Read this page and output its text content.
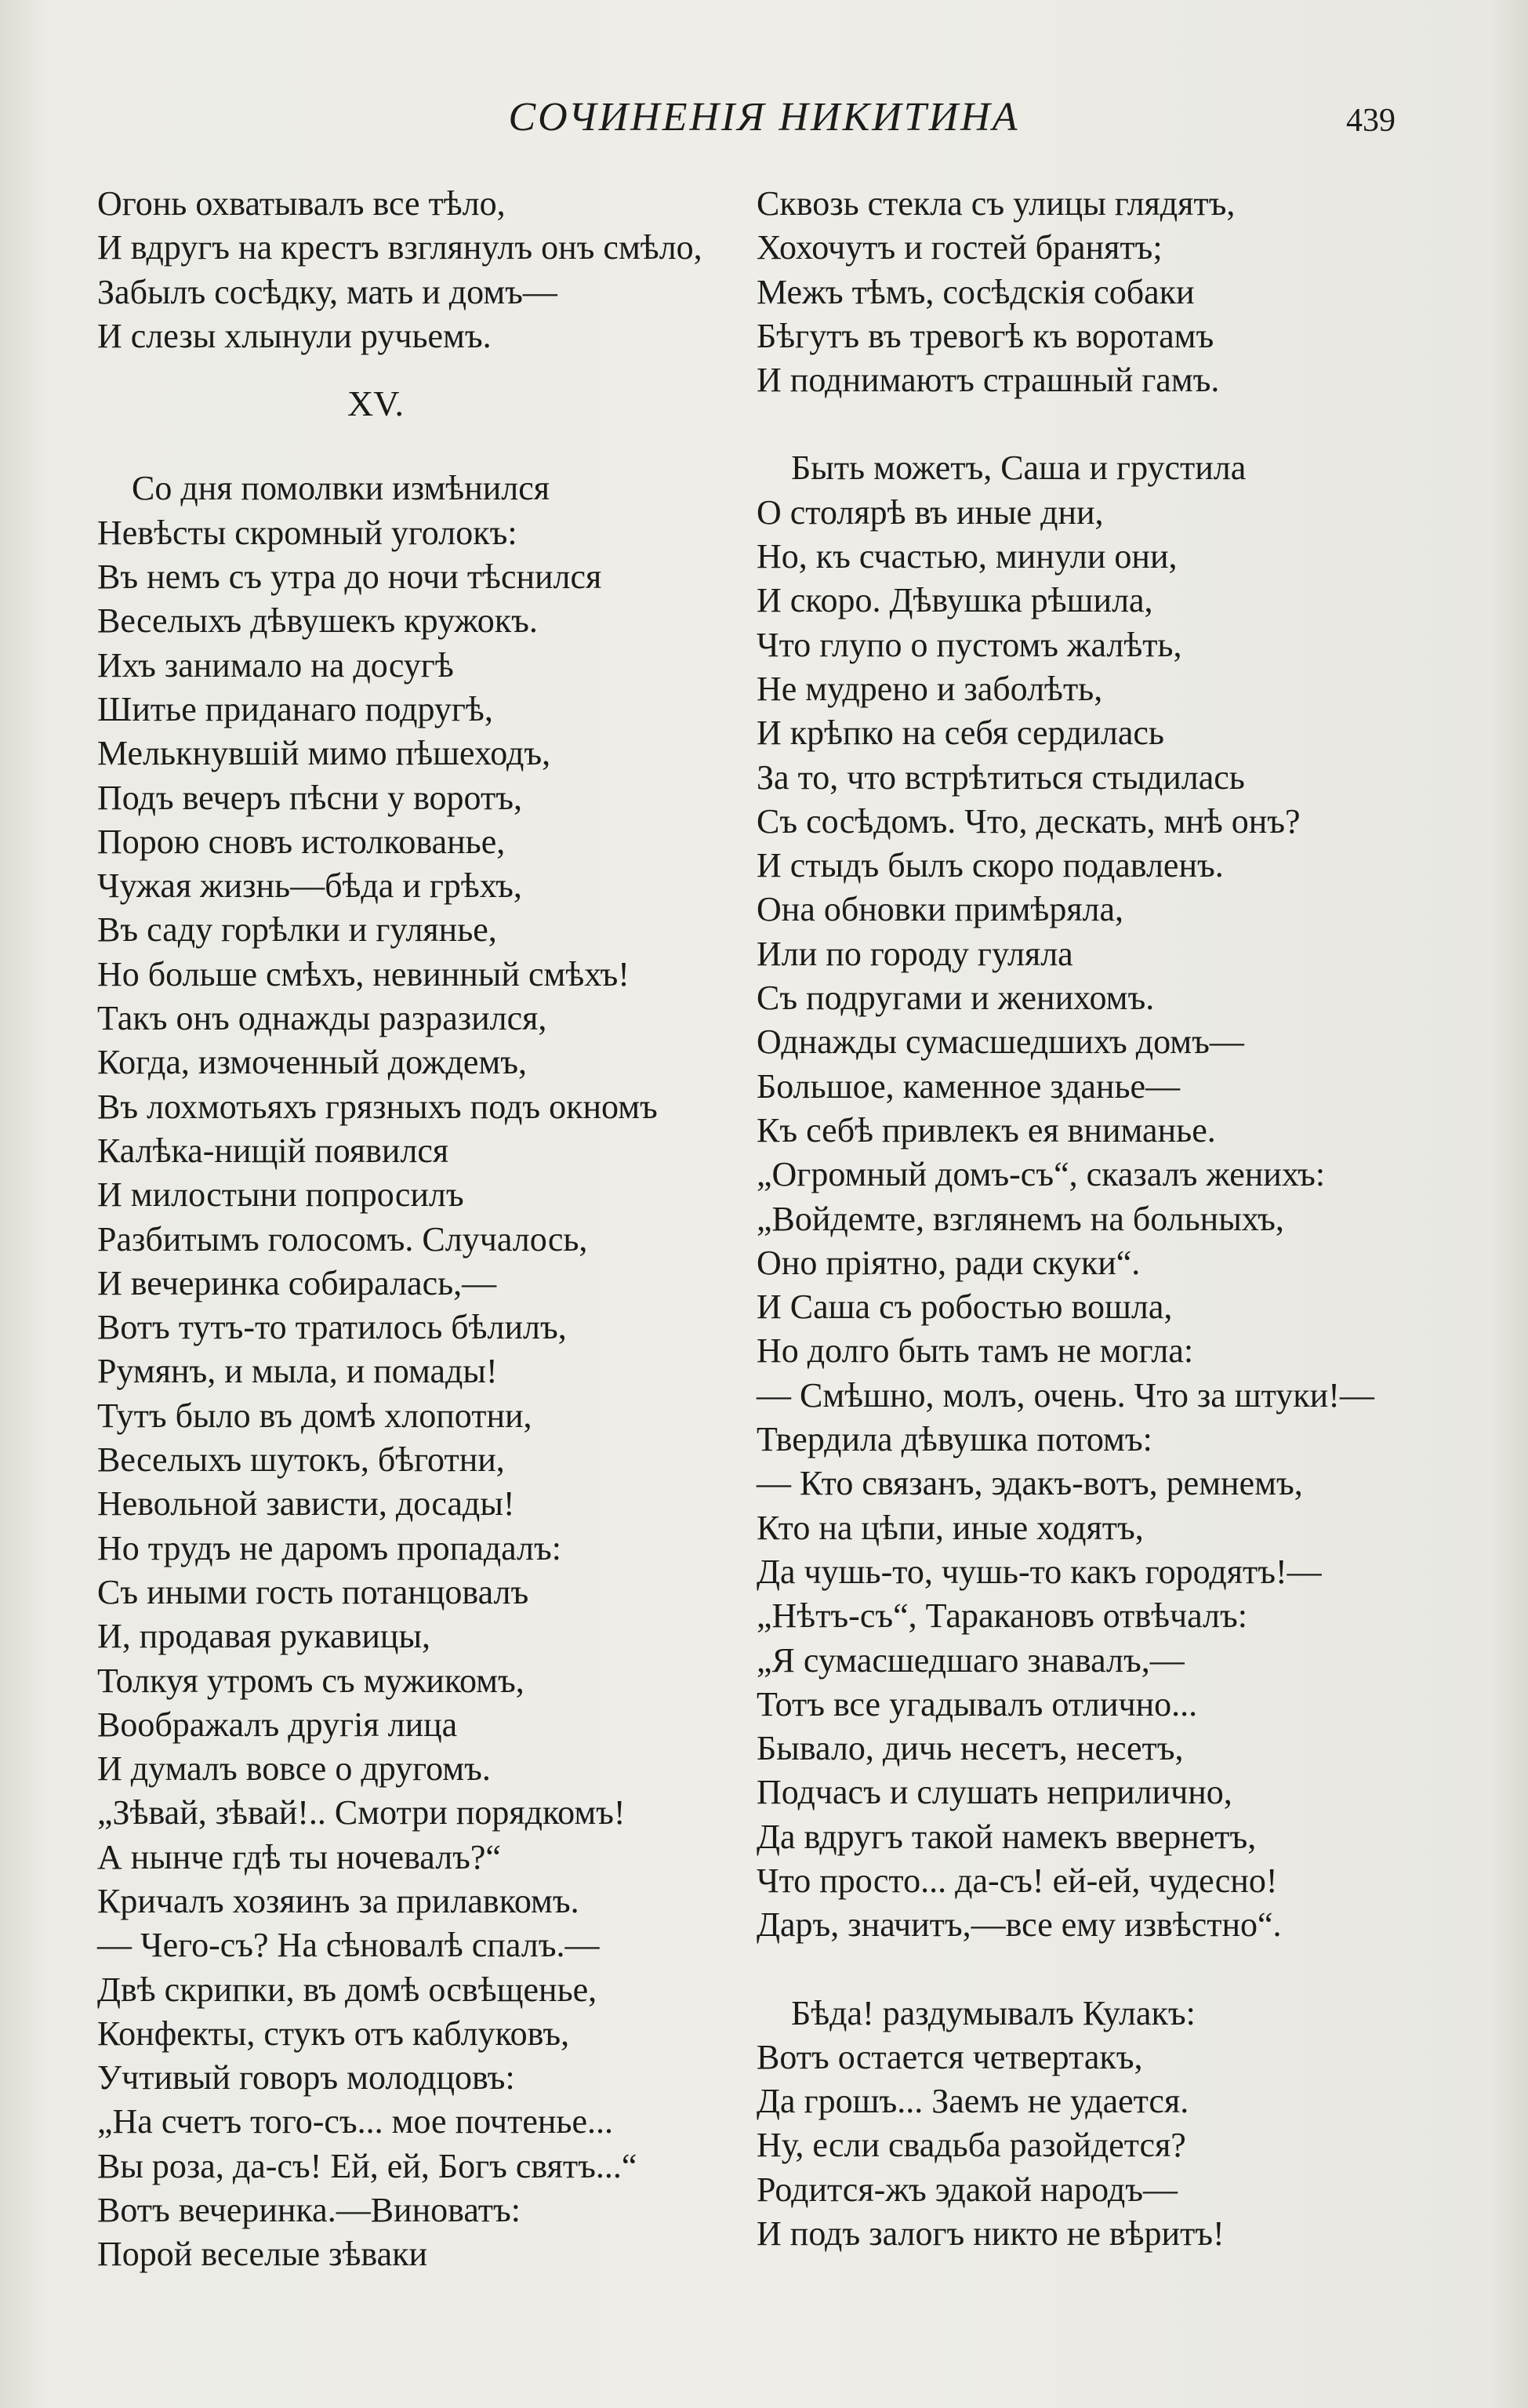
СОЧИНЕНІЯ НИКИТИНА	439
Огонь охватывалъ все тѣло,
И вдругъ на крестъ взглянулъ онъ смѣло,
Забылъ сосѣдку, мать и домъ—
И слезы хлынули ручьемъ.
XV.
Со дня помолвки измѣнился
Невѣсты скромный уголокъ:
Въ немъ съ утра до ночи тѣснился
Веселыхъ дѣвушекъ кружокъ.
Ихъ занимало на досугѣ
Шитье приданаго подругѣ,
Мелькнувшій мимо пѣшеходъ,
Подъ вечеръ пѣсни у воротъ,
Порою сновъ истолкованье,
Чужая жизнь—бѣда и грѣхъ,
Въ саду горѣлки и гулянье,
Но больше смѣхъ, невинный смѣхъ!
Такъ онъ однажды разразился,
Когда, измоченный дождемъ,
Въ лохмотьяхъ грязныхъ подъ окномъ
Калѣка-нищій появился
И милостыни попросилъ
Разбитымъ голосомъ. Случалось,
И вечеринка собиралась,—
Вотъ тутъ-то тратилось бѣлилъ,
Румянъ, и мыла, и помады!
Тутъ было въ домѣ хлопотни,
Веселыхъ шутокъ, бѣготни,
Невольной зависти, досады!
Но трудъ не даромъ пропадалъ:
Съ иными гость потанцовалъ
И, продавая рукавицы,
Толкуя утромъ съ мужикомъ,
Воображалъ другія лица
И думалъ вовсе о другомъ.
„Зѣвай, зѣвай!.. Смотри порядкомъ!
А нынче гдѣ ты ночевалъ?“
Кричалъ хозяинъ за прилавкомъ.
— Чего-съ? На сѣновалѣ спалъ.—
Двѣ скрипки, въ домѣ освѣщенье,
Конфекты, стукъ отъ каблуковъ,
Учтивый говоръ молодцовъ:
„На счетъ того-съ... мое почтенье...
Вы роза, да-съ! Ей, ей, Богъ святъ...“
Вотъ вечеринка.—Виноватъ:
Порой веселые зѣваки
Сквозь стекла съ улицы глядятъ,
Хохочутъ и гостей бранятъ;
Межъ тѣмъ, сосѣдскія собаки
Бѣгутъ въ тревогѣ къ воротамъ
И поднимаютъ страшный гамъ.
Быть можетъ, Саша и грустила
О столярѣ въ иные дни,
Но, къ счастью, минули они,
И скоро. Дѣвушка рѣшила,
Что глупо о пустомъ жалѣть,
Не мудрено и заболѣть,
И крѣпко на себя сердилась
За то, что встрѣтиться стыдилась
Съ сосѣдомъ. Что, дескать, мнѣ онъ?
И стыдъ былъ скоро подавленъ.
Она обновки примѣряла,
Или по городу гуляла
Съ подругами и женихомъ.
Однажды сумасшедшихъ домъ—
Большое, каменное зданье—
Къ себѣ привлекъ ея вниманье.
„Огромный домъ-съ“, сказалъ женихъ:
„Войдемте, взглянемъ на больныхъ,
Оно пріятно, ради скуки“.
И Саша съ робостью вошла,
Но долго быть тамъ не могла:
— Смѣшно, молъ, очень. Что за штуки!—
Твердила дѣвушка потомъ:
— Кто связанъ, эдакъ-вотъ, ремнемъ,
Кто на цѣпи, иные ходятъ,
Да чушь-то, чушь-то какъ городятъ!—
„Нѣтъ-съ“, Таракановъ отвѣчалъ:
„Я сумасшедшаго знавалъ,—
Тотъ все угадывалъ отлично...
Бывало, дичь несетъ, несетъ,
Подчасъ и слушать неприлично,
Да вдругъ такой намекъ ввернетъ,
Что просто... да-съ! ей-ей, чудесно!
Даръ, значитъ,—все ему извѣстно“.
Бѣда! раздумывалъ Кулакъ:
Вотъ остается четвертакъ,
Да грошъ... Заемъ не удается.
Ну, если свадьба разойдется?
Родится-жъ эдакой народъ—
И подъ залогъ никто не вѣритъ!
